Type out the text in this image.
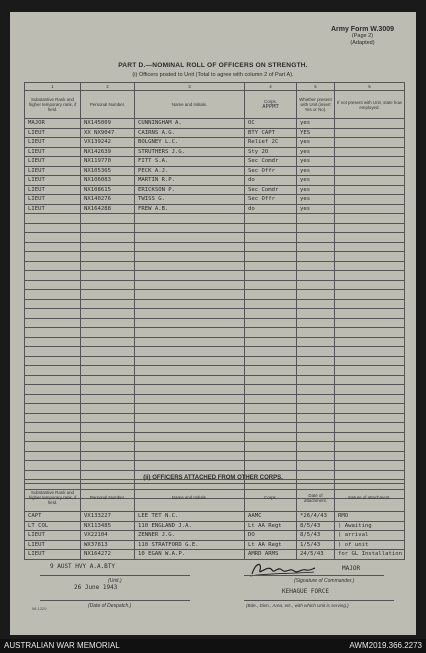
Army Form W.3009
(Page 2)
(Adapted)
PART D.—NOMINAL ROLL OF OFFICERS ON STRENGTH.
(i) Officers posted to Unit (Total to agree with column 2 of Part A).
1	2	3	4	5	6
Substantive Rank and higher temporary rank, if held.	Personal Number.	Name and Initials.	Corps.
APPMT	Whether present with Unit (insert Yes or No).	If not present with Unit, state how employed.
MAJOR	NX145009	CUNNINGHAM A.	OC	yes	
LIEUT	XX NX9047	CAIRNS A.G.	BTY CAPT	YES	
LIEUT	VX139242	BOLGNEY L.C.	Relief 2C	yes	
LIEUT	NX142639	STRUTHERS J.G.	Sty 2O	yes	
LIEUT	NX119770	FITT S.A.	Sec Comdr	yes	
LIEUT	NX105365	PECK A.J.	Sec Offr	yes	
LIEUT	NX106083	MARTIN R.P.	do	yes	
LIEUT	NX108615	ERICKSON P.	Sec Comdr	yes	
LIEUT	NX140276	TWISS G.	Sec Offr	yes	
LIEUT	NX164288	FREW A.B.	do	yes	

(ii) OFFICERS ATTACHED FROM OTHER CORPS.
Substantive Rank and higher temporary rank, if held.	Personal Number.	Name and Initials.	Corps.	Date of attachment.	Nature of attachment.
CAPT	VX133227	LEE TET N.C.	AAMC	*26/4/43	RMO
LT COL	NX113485	110 ENGLAND J.A.	Lt AA Regt	8/5/43	) Awaiting
LIEUT	VX22104	ZENNER J.G.	DO	8/5/43	) arrival
LIEUT	WX37813	110 STRATFORD G.E.	Lt AA Regt	1/5/43	) of unit
LIEUT	NX164272	10 EGAN W.A.P.	AMRD ARMS	24/5/43	for GL Installation
9 AUST HVY A.A.BTY
(Unit.)
26 June 1943
(Date of Despatch.)
MAJOR
(Signature of Commander.)
KEHAGUE FORCE
(Bde., Divn., Area, etc., with which Unit is serving.)
98 1229
AUSTRALIAN WAR MEMORIAL	AWM2019.366.2273
